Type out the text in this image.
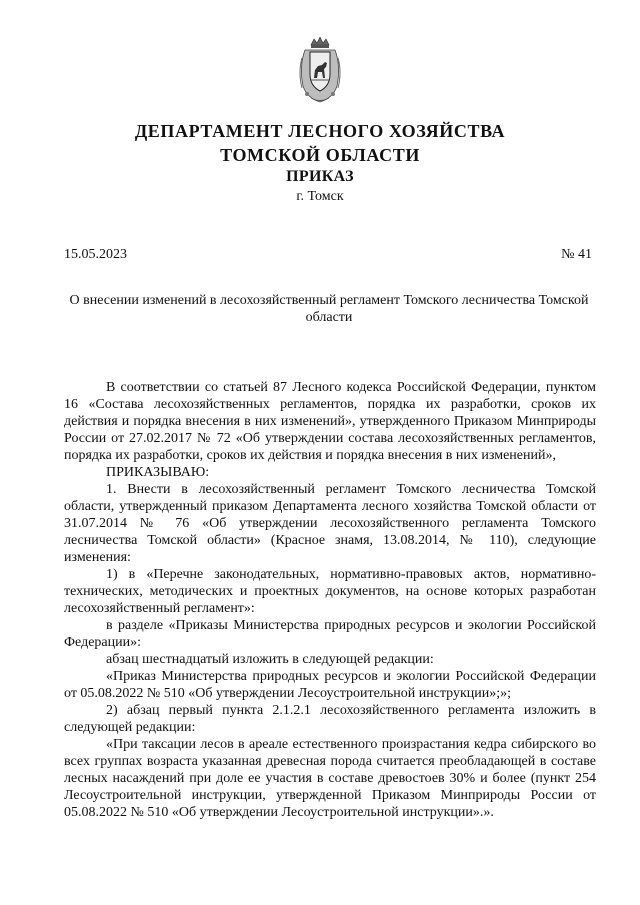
ДЕПАРТАМЕНТ ЛЕСНОГО ХОЗЯЙСТВА
ТОМСКОЙ ОБЛАСТИ
ПРИКАЗ
г. Томск
15.05.2023	№ 41
О внесении изменений в лесохозяйственный регламент Томского лесничества Томской области

В соответствии со статьей 87 Лесного кодекса Российской Федерации, пунктом 16 «Состава лесохозяйственных регламентов, порядка их разработки, сроков их действия и порядка внесения в них изменений», утвержденного Приказом Минприроды России от 27.02.2017 № 72 «Об утверждении состава лесохозяйственных регламентов, порядка их разработки, сроков их действия и порядка внесения в них изменений»,

ПРИКАЗЫВАЮ:

1. Внести в лесохозяйственный регламент Томского лесничества Томской области, утвержденный приказом Департамента лесного хозяйства Томской области от 31.07.2014 № 76 «Об утверждении лесохозяйственного регламента Томского лесничества Томской области» (Красное знамя, 13.08.2014, № 110), следующие изменения:

1) в «Перечне законодательных, нормативно-правовых актов, нормативно-технических, методических и проектных документов, на основе которых разработан лесохозяйственный регламент»:

в разделе «Приказы Министерства природных ресурсов и экологии Российской Федерации»:

абзац шестнадцатый изложить в следующей редакции:

«Приказ Министерства природных ресурсов и экологии Российской Федерации от 05.08.2022 № 510 «Об утверждении Лесоустроительной инструкции»;»;

2) абзац первый пункта 2.1.2.1 лесохозяйственного регламента изложить в следующей редакции:

«При таксации лесов в ареале естественного произрастания кедра сибирского во всех группах возраста указанная древесная порода считается преобладающей в составе лесных насаждений при доле ее участия в составе древостоев 30% и более (пункт 254 Лесоустроительной инструкции, утвержденной Приказом Минприроды России от 05.08.2022 № 510 «Об утверждении Лесоустроительной инструкции».».
